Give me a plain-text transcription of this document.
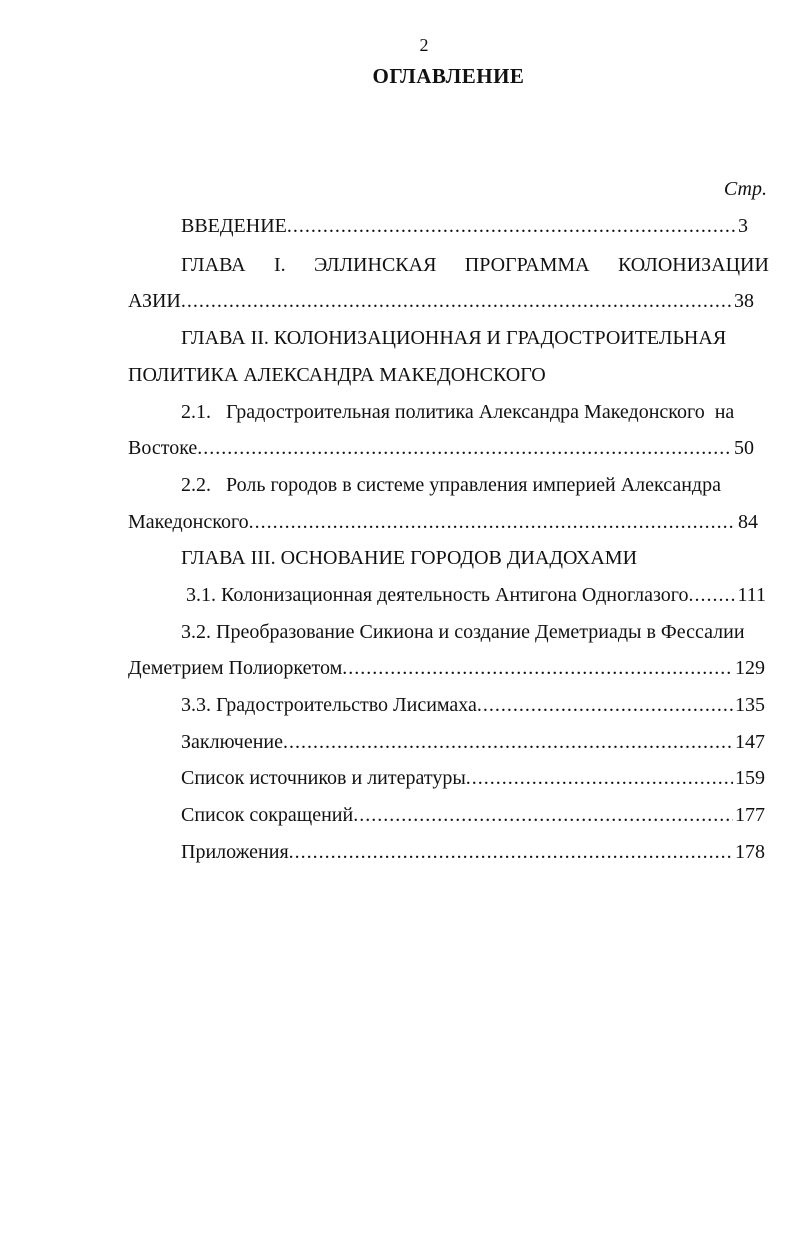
2
ОГЛАВЛЕНИЕ
Стр.
ВВЕДЕНИЕ .....	3
ГЛАВА I. ЭЛЛИНСКАЯ ПРОГРАММА КОЛОНИЗАЦИИ
АЗИИ .....	38
ГЛАВА II. КОЛОНИЗАЦИОННАЯ И ГРАДОСТРОИТЕЛЬНАЯ
ПОЛИТИКА АЛЕКСАНДРА МАКЕДОНСКОГО
2.1.   Градостроительная политика Александра Македонского  на
Востоке .....	50
2.2.   Роль городов в системе управления империей Александра
Македонского .....	84
ГЛАВА III. ОСНОВАНИЕ ГОРОДОВ ДИАДОХАМИ
3.1. Колонизационная деятельность Антигона Одноглазого ..... 111
3.2. Преобразование Сикиона и создание Деметриады в Фессалии
Деметрием Полиоркетом .....	129
3.3. Градостроительство Лисимаха .....	135
Заключение .....	147
Список источников и литературы .....	159
Список сокращений .....	177
Приложения .....	178
